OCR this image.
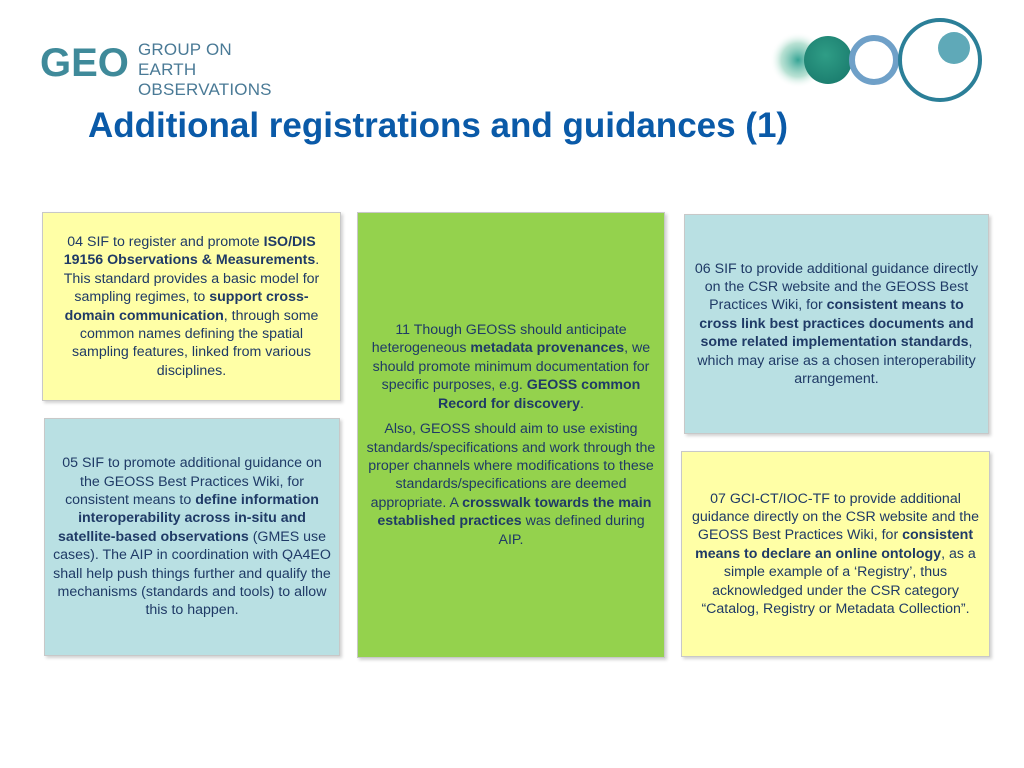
GEO GROUP ON
EARTH OBSERVATIONS
Additional registrations and guidances (1)
04 SIF to register and promote ISO/DIS 19156 Observations & Measurements. This standard provides a basic model for sampling regimes, to support cross-domain communication, through some common names defining the spatial sampling features, linked from various disciplines.
05 SIF to promote additional guidance on the GEOSS Best Practices Wiki, for consistent means to define information interoperability across in-situ and satellite-based observations (GMES use cases). The AIP in coordination with QA4EO shall help push things further and qualify the mechanisms (standards and tools) to allow this to happen.

11 Though GEOSS should anticipate heterogeneous metadata provenances, we should promote minimum documentation for specific purposes, e.g. GEOSS common Record for discovery.

Also, GEOSS should aim to use existing standards/specifications and work through the proper channels where modifications to these standards/specifications are deemed appropriate. A crosswalk towards the main established practices was defined during AIP.

06 SIF to provide additional guidance directly on the CSR website and the GEOSS Best Practices Wiki, for consistent means to cross link best practices documents and some related implementation standards, which may arise as a chosen interoperability arrangement.
07 GCI-CT/IOC-TF to provide additional guidance directly on the CSR website and the GEOSS Best Practices Wiki, for consistent means to declare an online ontology, as a simple example of a ‘Registry’, thus acknowledged under the CSR category “Catalog, Registry or Metadata Collection”.
